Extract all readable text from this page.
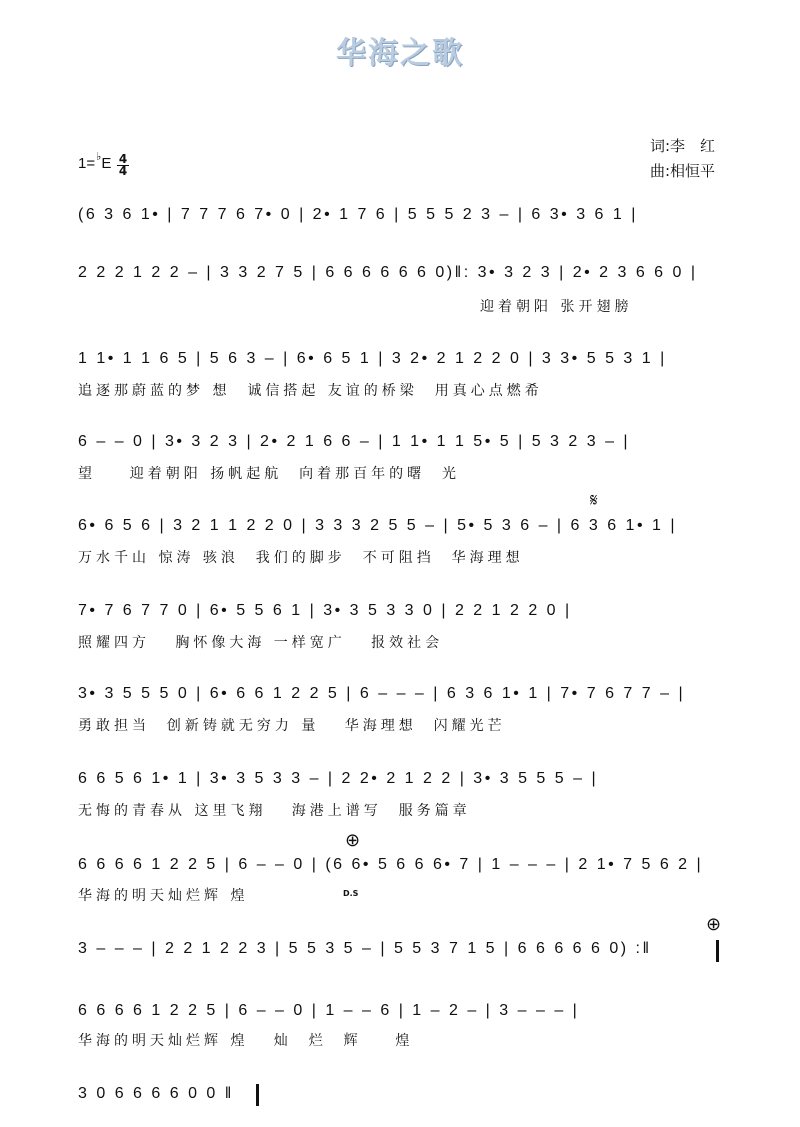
华海之歌
词:李　红
曲:相恒平
1=♭E 4
4
(6 3 6 1• | 7 7 7 6 7• 0 | 2• 1 7 6 | 5 5 5 2 3 – | 6 3• 3 6 1 |
2 2 2 1 2 2 – | 3 3 2 7 5 | 6 6 6 6 6 6 0)‖: 3• 3 2 3 | 2• 2 3 6 6 0 |
迎着朝阳 张开翅膀
1 1• 1 1 6 5 | 5 6 3 – | 6• 6 5 1 | 3 2• 2 1 2 2 0 | 3 3• 5 5 3 1 |
追逐那蔚蓝的梦 想  诚信搭起 友谊的桥梁  用真心点燃希
6 – – 0 | 3• 3 2 3 | 2• 2 1 6 6 – | 1 1• 1 1 5• 5 | 5 3 2 3 – |
望    迎着朝阳 扬帆起航  向着那百年的曙  光
𝄋
6• 6 5 6 | 3 2 1 1 2 2 0 | 3 3 3 2 5 5 – | 5• 5 3 6 – | 6 3 6 1• 1 |
万水千山 惊涛 骇浪  我们的脚步  不可阻挡  华海理想
7• 7 6 7 7 0 | 6• 5 5 6 1 | 3• 3 5 3 3 0 | 2 2 1 2 2 0 |
照耀四方   胸怀像大海 一样宽广   报效社会
3• 3 5 5 5 0 | 6• 6 6 1 2 2 5 | 6 – – – | 6 3 6 1• 1 | 7• 7 6 7 7 – |
勇敢担当  创新铸就无穷力 量   华海理想  闪耀光芒
6 6 5 6 1• 1 | 3• 3 5 3 3 – | 2 2• 2 1 2 2 | 3• 3 5 5 5 – |
无悔的青春从 这里飞翔   海港上谱写  服务篇章
⊕
6 6 6 6 1 2 2 5 | 6 – – 0 | (6 6• 5 6 6 6• 7 | 1 – – – | 2 1• 7 5 6 2 |
华海的明天灿烂辉 煌	D.S
⊕
3 – – – | 2 2 1 2 2 3 | 5 5 3 5 – | 5 5 3 7 1 5 | 6 6 6 6 6 0) :‖
6 6 6 6 1 2 2 5 | 6 – – 0 | 1 – – 6 | 1 – 2 – | 3 – – – |
华海的明天灿烂辉 煌   灿  烂  辉    煌
3 0 6 6 6 6 0 0 ‖
